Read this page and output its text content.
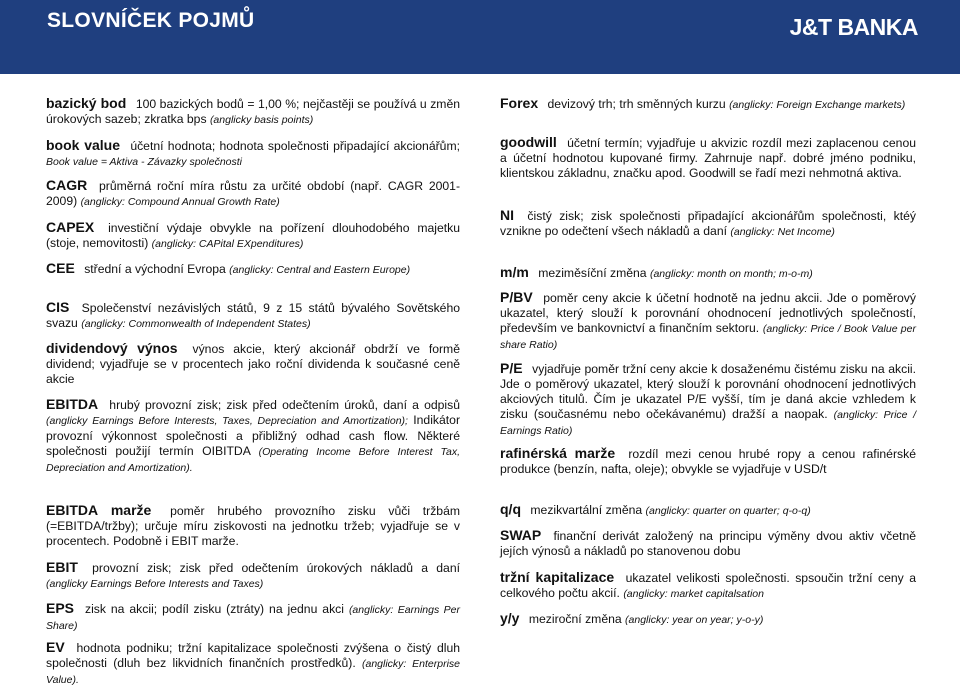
SLOVNÍČEK POJMŮ	J&T BANKA
bazický bod 100 bazických bodů = 1,00 %; nejčastěji se používá u změn úrokových sazeb; zkratka bps (anglicky basis points)
book value účetní hodnota; hodnota společnosti připadající akcionářům; Book value = Aktiva - Závazky společnosti
CAGR průměrná roční míra růstu za určité období (např. CAGR 2001-2009) (anglicky: Compound Annual Growth Rate)
CAPEX investiční výdaje obvykle na pořízení dlouhodobého majetku (stoje, nemovitosti) (anglicky: CAPital EXpenditures)
CEE střední a východní Evropa (anglicky: Central and Eastern Europe)
CIS Společenství nezávislých států, 9 z 15 států bývalého Sovětského svazu (anglicky: Commonwealth of Independent States)
dividendový výnos výnos akcie, který akcionář obdrží ve formě dividend; vyjadřuje se v procentech jako roční dividenda k současné ceně akcie
EBITDA hrubý provozní zisk; zisk před odečtením úroků, daní a odpisů (anglicky Earnings Before Interests, Taxes, Depreciation and Amortization); Indikátor provozní výkonnost společnosti a přibližný odhad cash flow. Některé společnosti použijí termín OIBITDA (Operating Income Before Interest Tax, Depreciation and Amortization).
EBITDA marže poměr hrubého provozního zisku vůči tržbám (=EBITDA/tržby); určuje míru ziskovosti na jednotku tržeb; vyjadřuje se v procentech. Podobně i EBIT marže.
EBIT provozní zisk; zisk před odečtením úrokových nákladů a daní (anglicky Earnings Before Interests and Taxes)
EPS zisk na akcii; podíl zisku (ztráty) na jednu akci (anglicky: Earnings Per Share)
EV hodnota podniku; tržní kapitalizace společnosti zvýšena o čistý dluh společnosti (dluh bez likvidních finančních prostředků). (anglicky: Enterprise Value).
Forex devizový trh; trh směnných kurzu (anglicky: Foreign Exchange markets)
goodwill účetní termín; vyjadřuje u akvizic rozdíl mezi zaplacenou cenou a účetní hodnotou kupované firmy. Zahrnuje např. dobré jméno podniku, klientskou základnu, značku apod. Goodwill se řadí mezi nehmotná aktiva.
NI čistý zisk; zisk společnosti připadající akcionářům společnosti, ktéý vznikne po odečtení všech nákladů a daní (anglicky: Net Income)
m/m meziměsíční změna (anglicky: month on month; m-o-m)
P/BV poměr ceny akcie k účetní hodnotě na jednu akcii. Jde o poměrový ukazatel, který slouží k porovnání ohodnocení jednotlivých společností, především ve bankovnictví a finančním sektoru. (anglicky: Price / Book Value per share Ratio)
P/E vyjadřuje poměr tržní ceny akcie k dosaženému čistému zisku na akcii. Jde o poměrový ukazatel, který slouží k porovnání ohodnocení jednotlivých akciových titulů. Čím je ukazatel P/E vyšší, tím je daná akcie vzhledem k zisku (současnému nebo očekávanému) dražší a naopak. (anglicky: Price / Earnings Ratio)
rafinérská marže rozdíl mezi cenou hrubé ropy a cenou rafinérské produkce (benzín, nafta, oleje); obvykle se vyjadřuje v USD/t
q/q mezikvartální změna (anglicky: quarter on quarter; q-o-q)
SWAP finanční derivát založený na principu výměny dvou aktiv včetně jejích výnosů a nákladů po stanovenou dobu
tržní kapitalizace ukazatel velikosti společnosti. spsoučin tržní ceny a celkového počtu akcií. (anglicky: market capitalsation
y/y meziroční změna (anglicky: year on year; y-o-y)
